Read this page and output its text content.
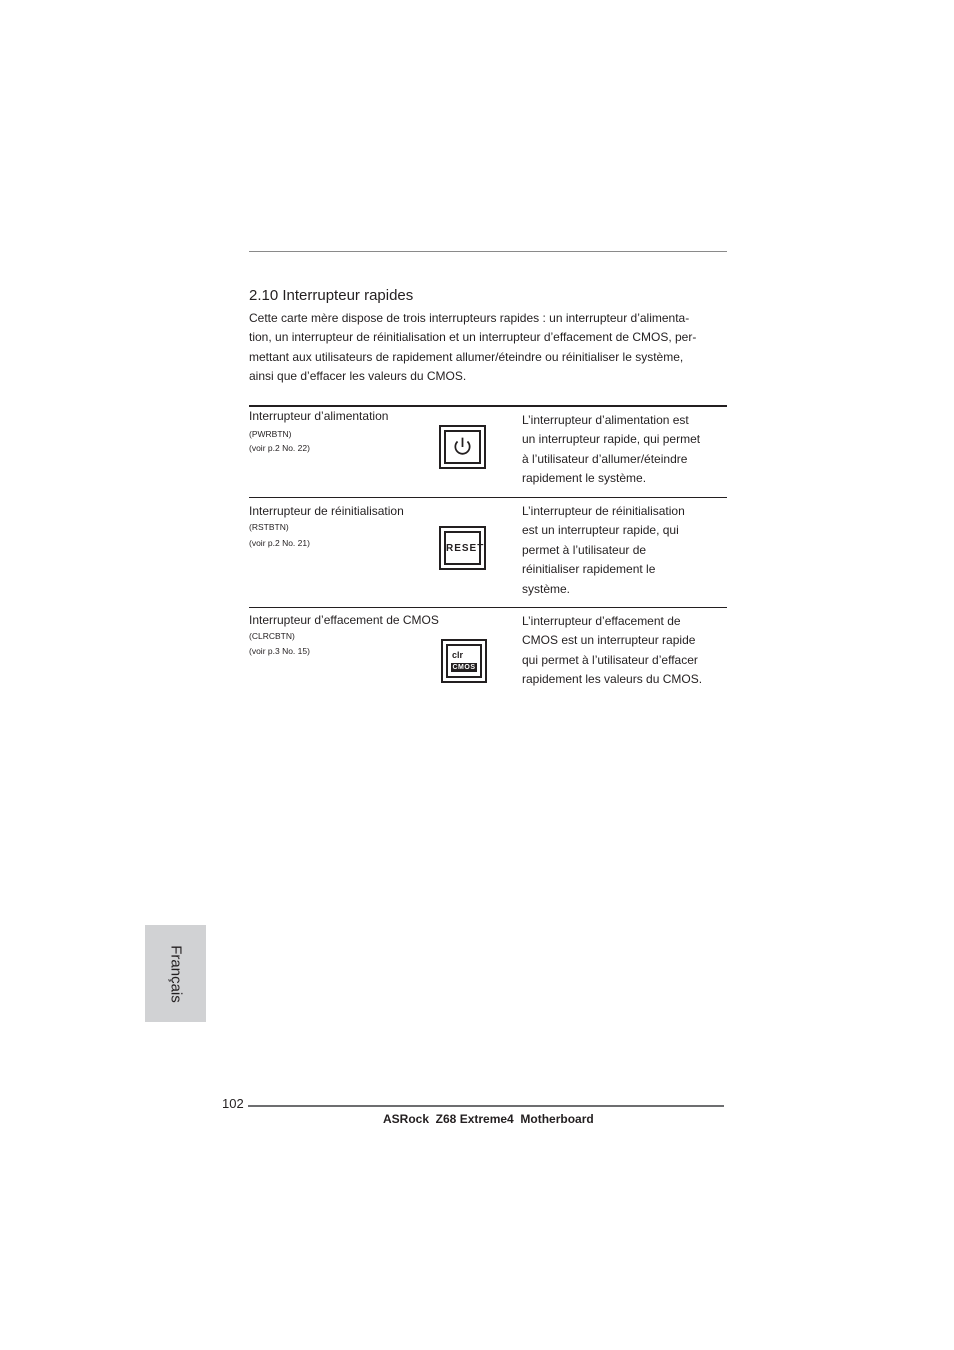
2.10 Interrupteur rapides

Cette carte mère dispose de trois interrupteurs rapides : un interrupteur d’alimenta-
tion, un interrupteur de réinitialisation et un interrupteur d’effacement de CMOS, per-
mettant aux utilisateurs de rapidement allumer/éteindre ou réinitialiser le système,
ainsi que d’effacer les valeurs du CMOS.

Interrupteur d’alimentation
(PWRBTN)
(voir p.2 No. 22)

L’interrupteur d’alimentation est
un interrupteur rapide, qui permet
à l’utilisateur d’allumer/éteindre
rapidement le système.

Interrupteur de réinitialisation
(RSTBTN)
(voir p.2 No. 21)	RESET

L’interrupteur de réinitialisation
est un interrupteur rapide, qui
permet à l’utilisateur de
réinitialiser rapidement le
système.

Interrupteur d’effacement de CMOS
(CLRCBTN)
(voir p.3 No. 15)	clr
CMOS

L’interrupteur d’effacement de
CMOS est un interrupteur rapide
qui permet à l’utilisateur d’effacer
rapidement les valeurs du CMOS.

Français
102
ASRock  Z68 Extreme4  Motherboard
